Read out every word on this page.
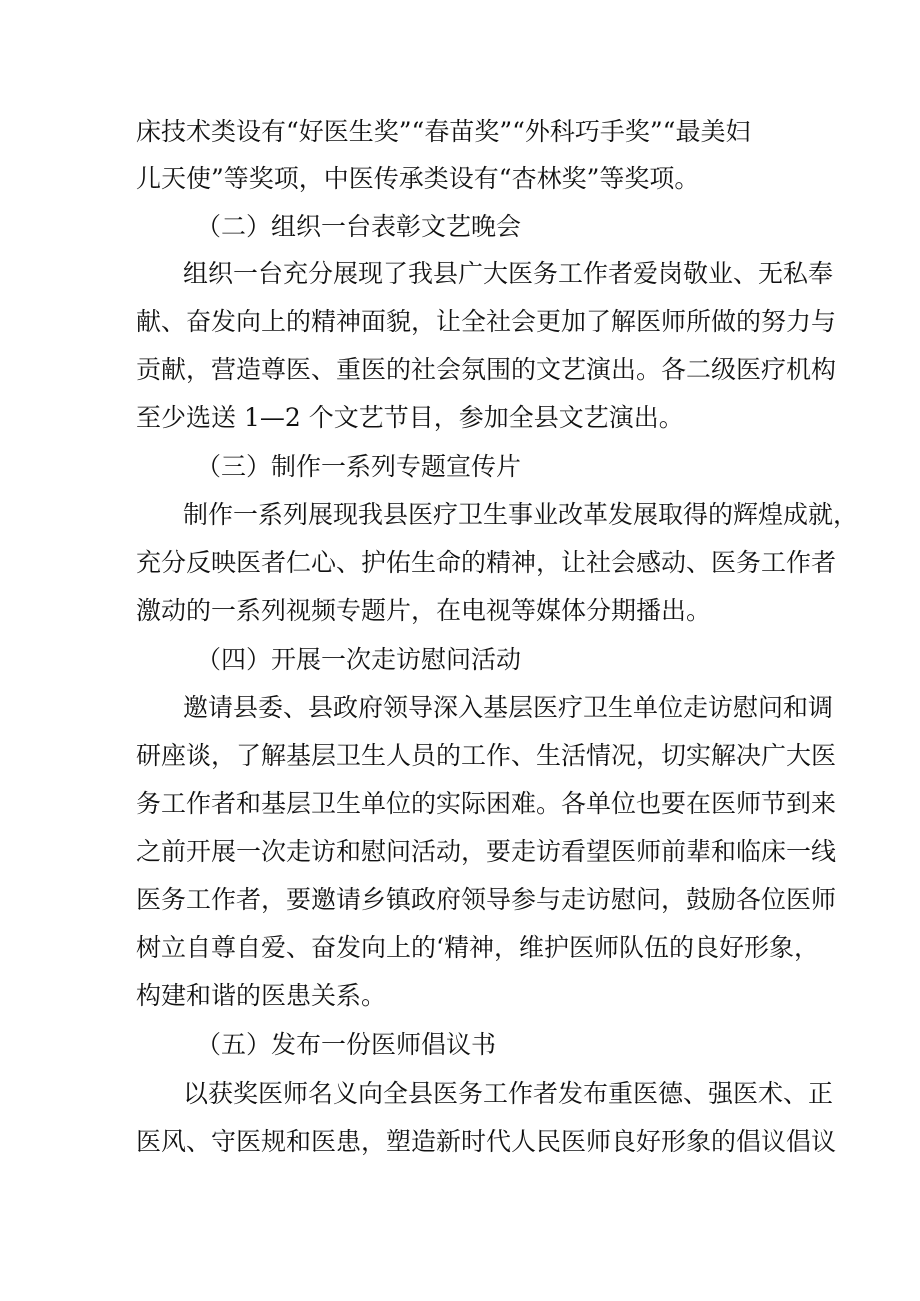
床技术类设有“好医生奖”“春苗奖”“外科巧手奖”“最美妇
儿天使”等奖项，中医传承类设有“杏林奖”等奖项。
（二）组织一台表彰文艺晚会
组织一台充分展现了我县广大医务工作者爱岗敬业、无私奉
献、奋发向上的精神面貌，让全社会更加了解医师所做的努力与
贡献，营造尊医、重医的社会氛围的文艺演出。各二级医疗机构
至少选送 1—2 个文艺节目，参加全县文艺演出。
（三）制作一系列专题宣传片
制作一系列展现我县医疗卫生事业改革发展取得的辉煌成就，
充分反映医者仁心、护佑生命的精神，让社会感动、医务工作者
激动的一系列视频专题片，在电视等媒体分期播出。
（四）开展一次走访慰问活动
邀请县委、县政府领导深入基层医疗卫生单位走访慰问和调
研座谈，了解基层卫生人员的工作、生活情况，切实解决广大医
务工作者和基层卫生单位的实际困难。各单位也要在医师节到来
之前开展一次走访和慰问活动，要走访看望医师前辈和临床一线
医务工作者，要邀请乡镇政府领导参与走访慰问，鼓励各位医师
树立自尊自爱、奋发向上的‘精神，维护医师队伍的良好形象，
构建和谐的医患关系。
（五）发布一份医师倡议书
以获奖医师名义向全县医务工作者发布重医德、强医术、正
医风、守医规和医患，塑造新时代人民医师良好形象的倡议倡议
